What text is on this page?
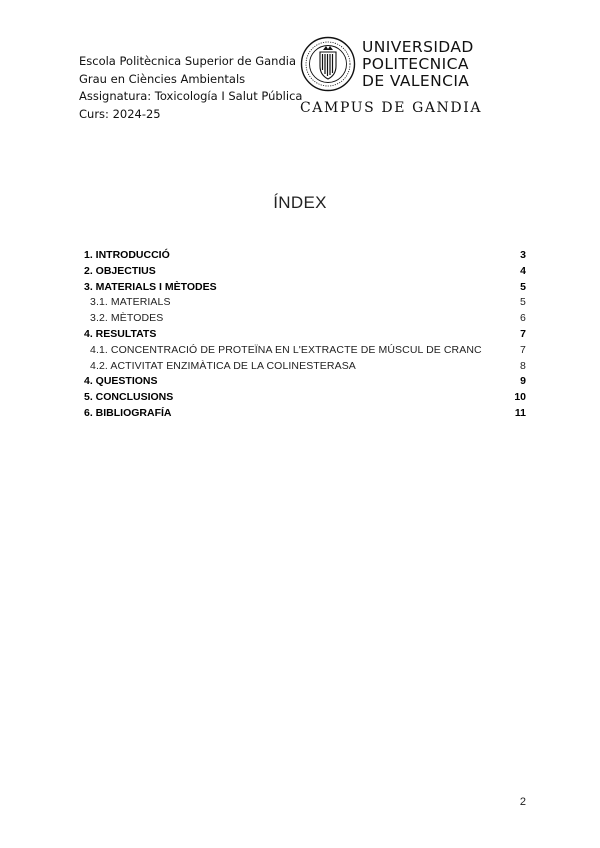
Escola Politècnica Superior de Gandia
Grau en Ciències Ambientals
Assignatura: Toxicología I Salut Pública
Curs: 2024-25
UNIVERSIDAD
POLITECNICA
DE VALENCIA
CAMPUS DE GANDIA
ÍNDEX
1. INTRODUCCIÓ	3
2. OBJECTIUS	4
3. MATERIALS I MÈTODES	5
3.1. MATERIALS	5
3.2. MÈTODES	6
4. RESULTATS	7
4.1. CONCENTRACIÓ DE PROTEÏNA EN L'EXTRACTE DE MÚSCUL DE CRANC	7
4.2. ACTIVITAT ENZIMÀTICA DE LA COLINESTERASA	8
4. QUESTIONS	9
5. CONCLUSIONS	10
6. BIBLIOGRAFÍA	11
2
